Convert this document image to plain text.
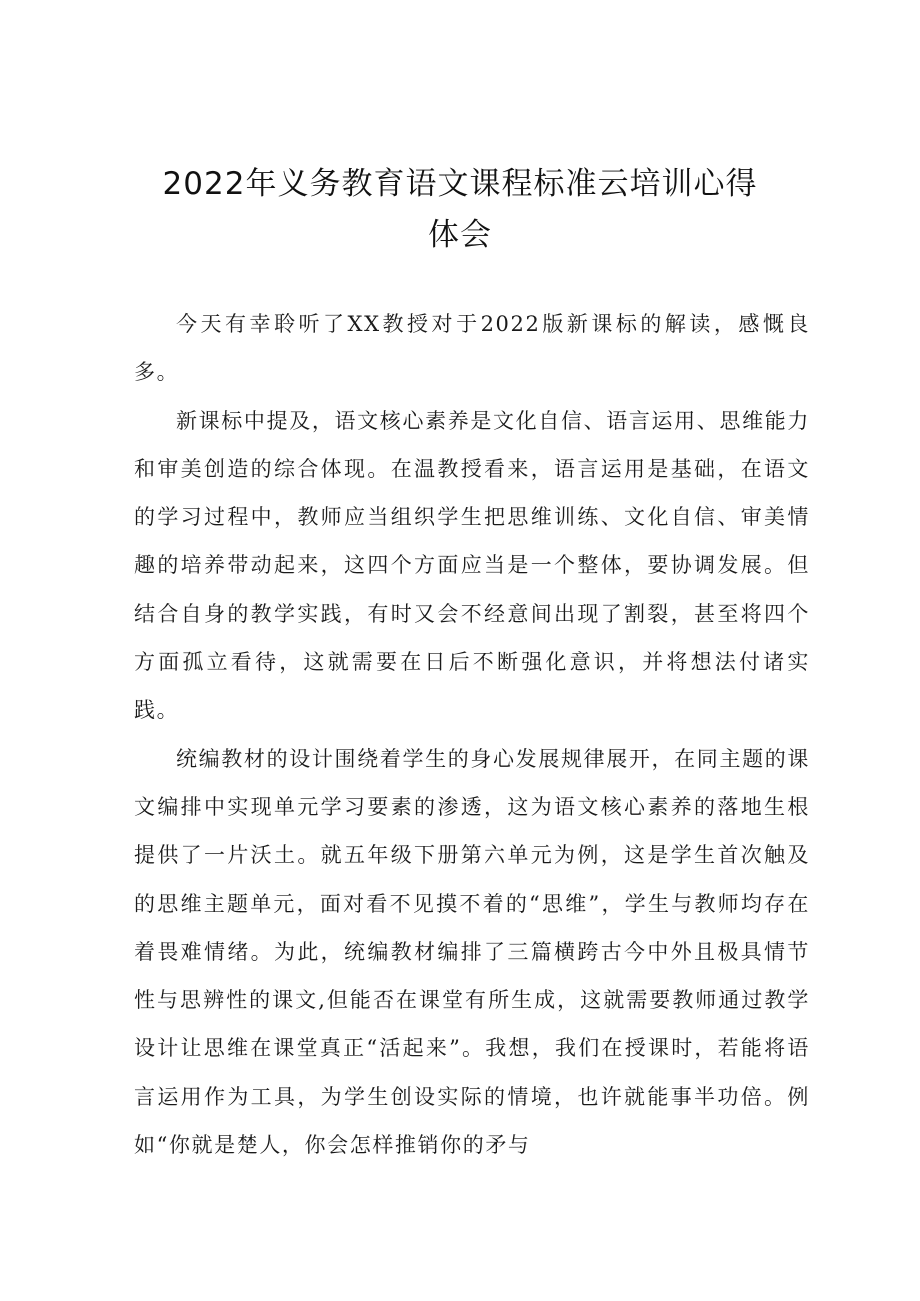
2022年义务教育语文课程标准云培训心得
体会

今天有幸聆听了XX教授对于2022版新课标的解读，感慨良多。

新课标中提及，语文核心素养是文化自信、语言运用、思维能力和审美创造的综合体现。在温教授看来，语言运用是基础，在语文的学习过程中，教师应当组织学生把思维训练、文化自信、审美情趣的培养带动起来，这四个方面应当是一个整体，要协调发展。但结合自身的教学实践，有时又会不经意间出现了割裂，甚至将四个方面孤立看待，这就需要在日后不断强化意识，并将想法付诸实践。

统编教材的设计围绕着学生的身心发展规律展开，在同主题的课文编排中实现单元学习要素的渗透，这为语文核心素养的落地生根提供了一片沃土。就五年级下册第六单元为例，这是学生首次触及的思维主题单元，面对看不见摸不着的“思维”，学生与教师均存在着畏难情绪。为此，统编教材编排了三篇横跨古今中外且极具情节性与思辨性的课文,但能否在课堂有所生成，这就需要教师通过教学设计让思维在课堂真正“活起来”。我想，我们在授课时，若能将语言运用作为工具，为学生创设实际的情境，也许就能事半功倍。例如“你就是楚人，你会怎样推销你的矛与
